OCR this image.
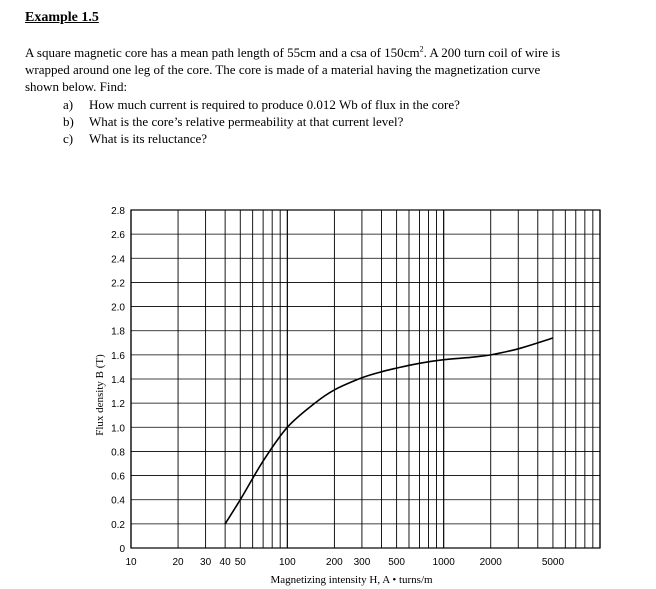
Example 1.5
A square magnetic core has a mean path length of 55cm and a csa of $150cm^2$. A 200 turn coil of wire is
wrapped around one leg of the core. The core is made of a material having the magnetization curve
shown below. Find:
a) How much current is required to produce 0.012 Wb of flux in the core?
b) What is the core’s relative permeability at that current level?
c) What is its reluctance?
0
0.2
0.4
0.6
0.8
1.0
1.2
1.4
1.6
1.8
2.0
2.2
2.4
2.6
2.8
10	20 30 40 50	100	200 300 500	1000 2000	5000
Magnetizing intensity H, A • turns/m
Flux density B (T)
